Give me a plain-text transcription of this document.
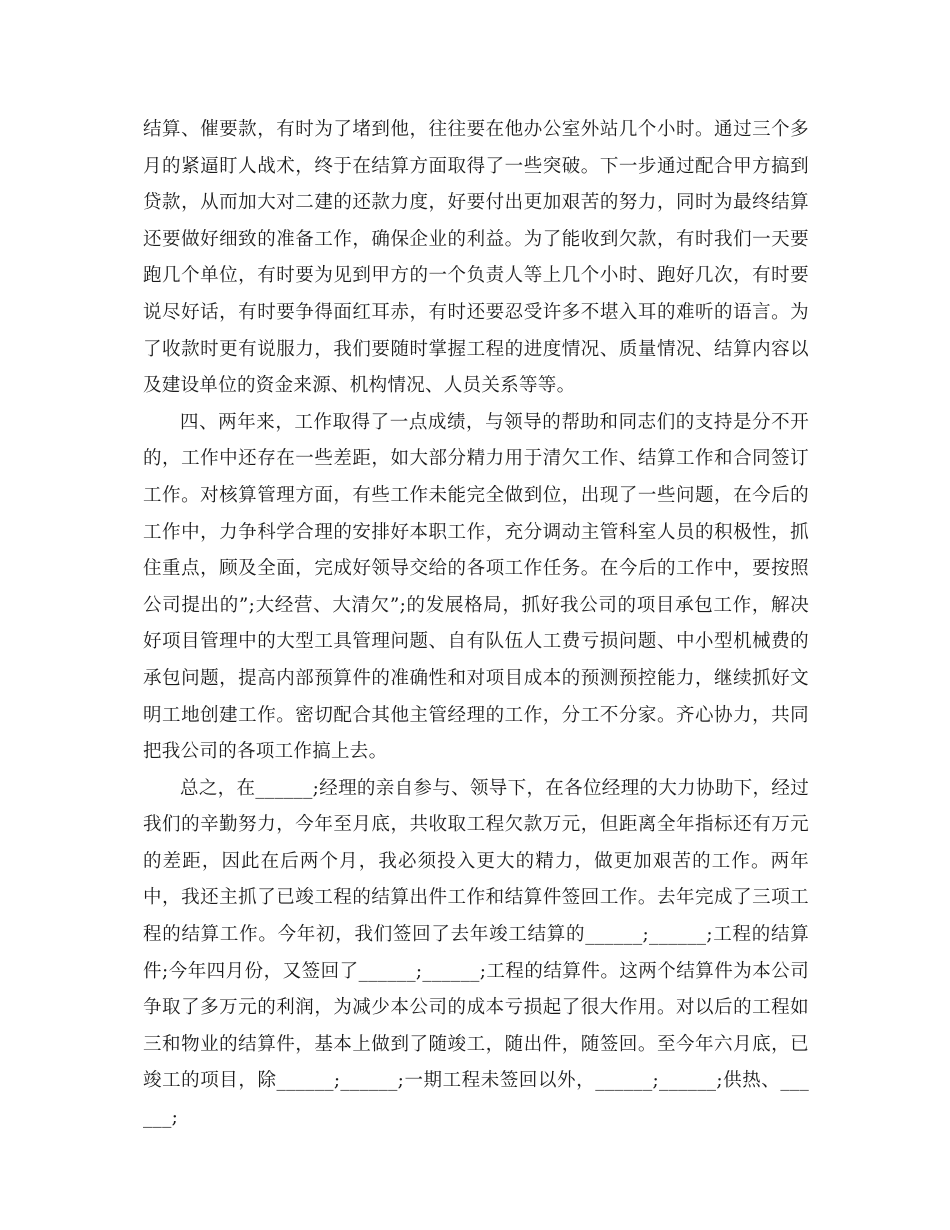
结算、催要款，有时为了堵到他，往往要在他办公室外站几个小时。通过三个多月的紧逼盯人战术，终于在结算方面取得了一些突破。下一步通过配合甲方搞到贷款，从而加大对二建的还款力度，好要付出更加艰苦的努力，同时为最终结算还要做好细致的准备工作，确保企业的利益。为了能收到欠款，有时我们一天要跑几个单位，有时要为见到甲方的一个负责人等上几个小时、跑好几次，有时要说尽好话，有时要争得面红耳赤，有时还要忍受许多不堪入耳的难听的语言。为了收款时更有说服力，我们要随时掌握工程的进度情况、质量情况、结算内容以及建设单位的资金来源、机构情况、人员关系等等。

四、两年来，工作取得了一点成绩，与领导的帮助和同志们的支持是分不开的，工作中还存在一些差距，如大部分精力用于清欠工作、结算工作和合同签订工作。对核算管理方面，有些工作未能完全做到位，出现了一些问题，在今后的工作中，力争科学合理的安排好本职工作，充分调动主管科室人员的积极性，抓住重点，顾及全面，完成好领导交给的各项工作任务。在今后的工作中，要按照公司提出的”;大经营、大清欠”;的发展格局，抓好我公司的项目承包工作，解决好项目管理中的大型工具管理问题、自有队伍人工费亏损问题、中小型机械费的承包问题，提高内部预算件的准确性和对项目成本的预测预控能力，继续抓好文明工地创建工作。密切配合其他主管经理的工作，分工不分家。齐心协力，共同把我公司的各项工作搞上去。

总之，在______;经理的亲自参与、领导下，在各位经理的大力协助下，经过我们的辛勤努力，今年至月底，共收取工程欠款万元，但距离全年指标还有万元的差距，因此在后两个月，我必须投入更大的精力，做更加艰苦的工作。两年中，我还主抓了已竣工程的结算出件工作和结算件签回工作。去年完成了三项工程的结算工作。今年初，我们签回了去年竣工结算的______;______;工程的结算件;今年四月份，又签回了______;______;工程的结算件。这两个结算件为本公司争取了多万元的利润，为减少本公司的成本亏损起了很大作用。对以后的工程如三和物业的结算件，基本上做到了随竣工，随出件，随签回。至今年六月底，已竣工的项目，除______;______;一期工程未签回以外，______;______;供热、______;
